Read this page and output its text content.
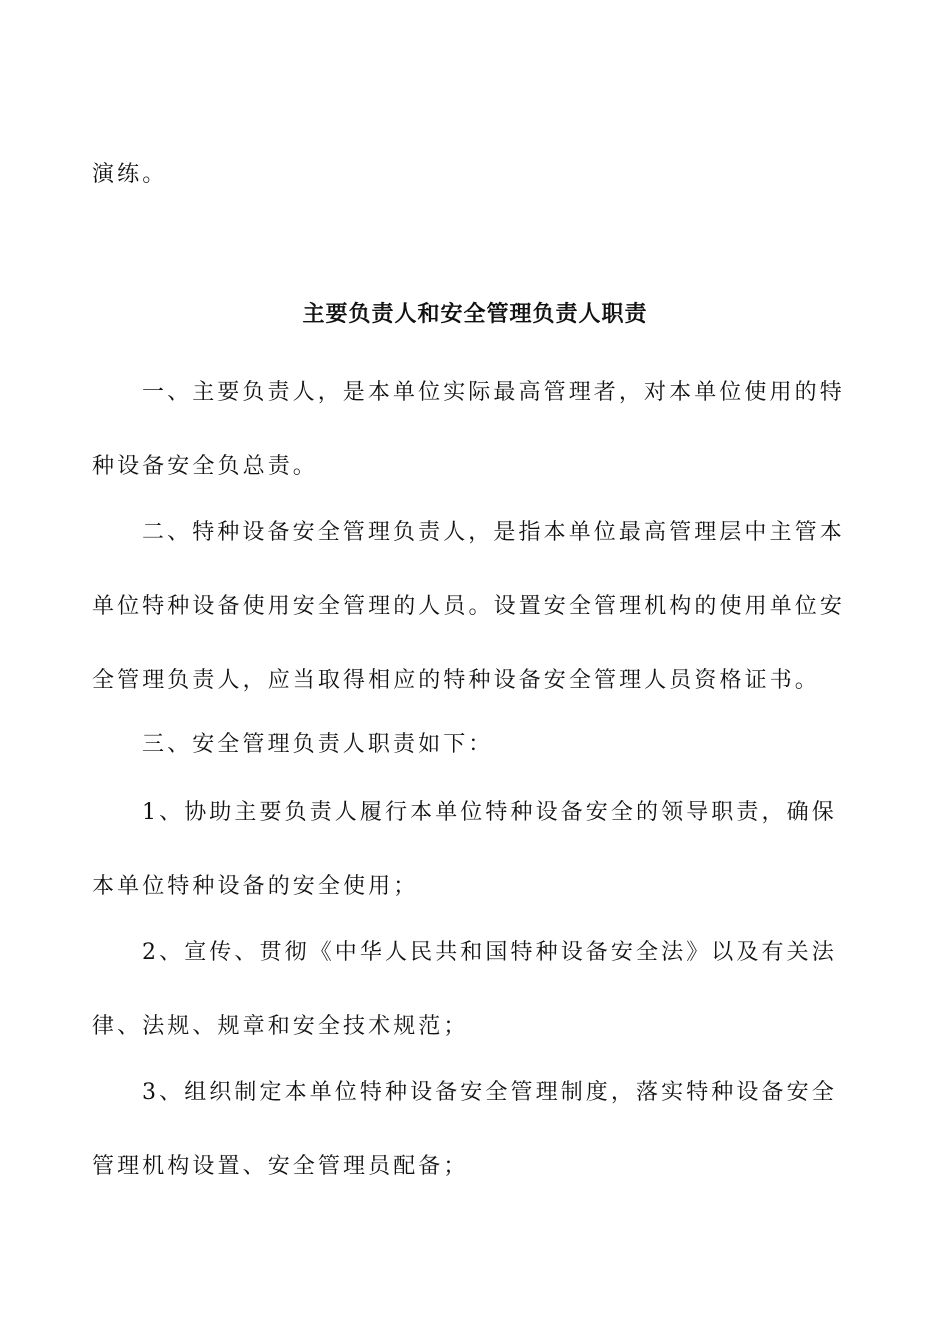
演练。
主要负责人和安全管理负责人职责
一、主要负责人，是本单位实际最高管理者，对本单位使用的特
种设备安全负总责。
二、特种设备安全管理负责人，是指本单位最高管理层中主管本
单位特种设备使用安全管理的人员。设置安全管理机构的使用单位安
全管理负责人，应当取得相应的特种设备安全管理人员资格证书。
三、安全管理负责人职责如下：
1、协助主要负责人履行本单位特种设备安全的领导职责，确保
本单位特种设备的安全使用；
2、宣传、贯彻《中华人民共和国特种设备安全法》以及有关法
律、法规、规章和安全技术规范；
3、组织制定本单位特种设备安全管理制度，落实特种设备安全
管理机构设置、安全管理员配备；
